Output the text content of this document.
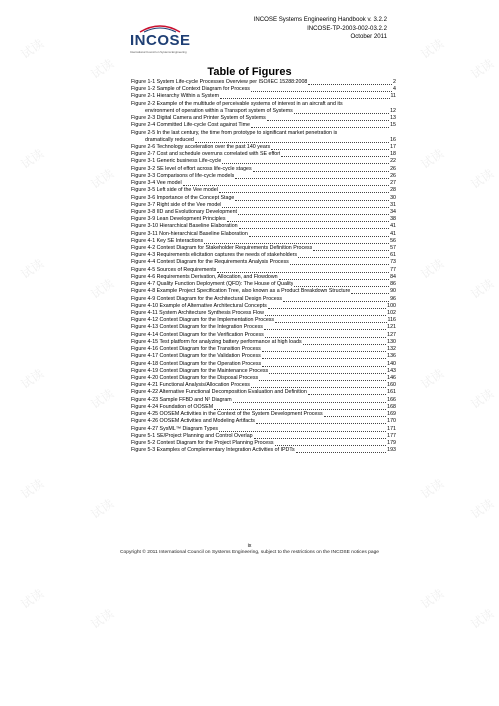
试读
试读
试读
试读
试读
试读
试读
试读
试读
试读
试读
试读
试读
试读
试读
试读
试读
试读
试读
试读
试读
试读
试读
试读
INCOSE
International Council on Systems Engineering
INCOSE Systems Engineering Handbook v. 3.2.2
INCOSE-TP-2003-002-03.2.2
October 2011
Table of Figures
Figure 1-1 System Life-cycle Processes Overview per ISO/IEC 15288:2008	2
Figure 1-2 Sample of Context Diagram for Process	4
Figure 2-1 Hierarchy Within a System	11
Figure 2-2 Example of the multitude of perceivable systems of interest in an aircraft and its
environment of operation within a Transport system of Systems	12
Figure 2-3 Digital Camera and Printer System of Systems	13
Figure 2-4 Committed Life-cycle Cost against Time	15
Figure 2-5 In the last century, the time from prototype to significant market penetration is
dramatically reduced	16
Figure 2-6 Technology acceleration over the past 140 years	17
Figure 2-7 Cost and schedule overruns correlated with SE effort	18
Figure 3-1 Generic business Life-cycle	22
Figure 3-2 SE level of effort across life-cycle stages	26
Figure 3-3 Comparisons of life-cycle models	26
Figure 3-4 Vee model	27
Figure 3-5 Left side of the Vee model	28
Figure 3-6 Importance of the Concept Stage	30
Figure 3-7 Right side of the Vee model	31
Figure 3-8 IID and Evolutionary Development	34
Figure 3-9 Lean Development Principles	38
Figure 3-10 Hierarchical Baseline Elaboration	41
Figure 3-11 Non-hierarchical Baseline Elaboration	41
Figure 4-1 Key SE Interactions	56
Figure 4-2 Context Diagram for Stakeholder Requirements Definition Process	57
Figure 4-3 Requirements elicitation captures the needs of stakeholders	61
Figure 4-4 Context Diagram for the Requirements Analysis Process	73
Figure 4-5 Sources of Requirements	77
Figure 4-6 Requirements Derivation, Allocation, and Flowdown	84
Figure 4-7 Quality Function Deployment (QFD): The House of Quality	86
Figure 4-8 Example Project Specification Tree, also known as a Product Breakdown Structure	90
Figure 4-9 Context Diagram for the Architectural Design Process	96
Figure 4-10 Example of Alternative Architectural Concepts	100
Figure 4-11 System Architecture Synthesis Process Flow	102
Figure 4-12 Context Diagram for the Implementation Process	116
Figure 4-13 Context Diagram for the Integration Process	121
Figure 4-14 Context Diagram for the Verification Process	127
Figure 4-15 Test platform for analyzing battery performance at high loads	130
Figure 4-16 Context Diagram for the Transition Process	132
Figure 4-17 Context Diagram for the Validation Process	136
Figure 4-18 Context Diagram for the Operation Process	140
Figure 4-19 Context Diagram for the Maintenance Process	143
Figure 4-20 Context Diagram for the Disposal Process	146
Figure 4-21 Functional Analysis/Allocation Process	160
Figure 4-22 Alternative Functional Decomposition Evaluation and Definition	161
Figure 4-23 Sample FFBD and N² Diagram	166
Figure 4-24 Foundation of OOSEM	168
Figure 4-25 OOSEM Activities in the Context of the System Development Process	169
Figure 4-26 OOSEM Activities and Modeling Artifacts	170
Figure 4-27 SysML™ Diagram Types	171
Figure 5-1 SE/Project Planning and Control Overlap	177
Figure 5-2 Context Diagram for the Project Planning Process	179
Figure 5-3 Examples of Complementary Integration Activities of IPDTs	193
ix
Copyright © 2011 International Council on Systems Engineering, subject to the restrictions on the INCOSE notices page
